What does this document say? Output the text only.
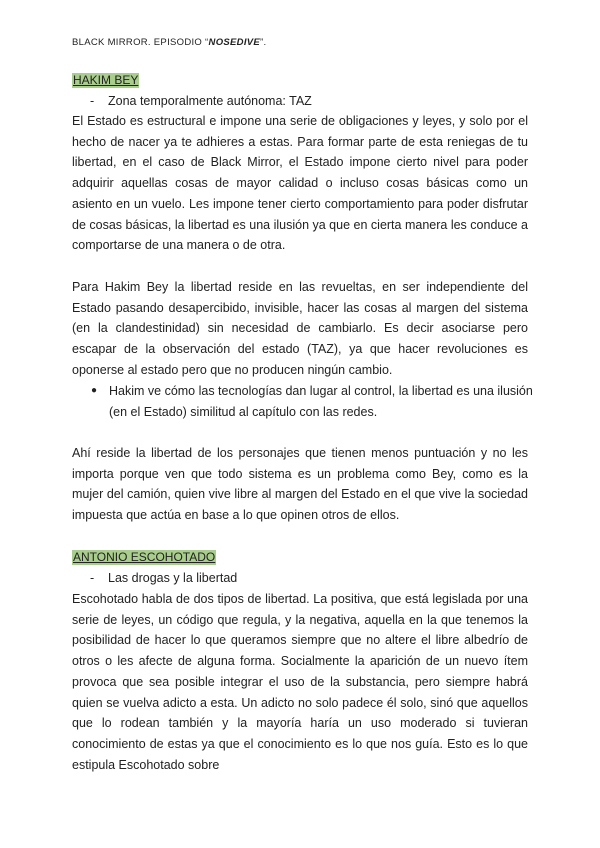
BLACK MIRROR. EPISODIO “NOSEDIVE”.
HAKIM BEY
- Zona temporalmente autónoma: TAZ

El Estado es estructural e impone una serie de obligaciones y leyes, y solo por el hecho de nacer ya te adhieres a estas. Para formar parte de esta reniegas de tu libertad, en el caso de Black Mirror, el Estado impone cierto nivel para poder adquirir aquellas cosas de mayor calidad o incluso cosas básicas como un asiento en un vuelo. Les impone tener cierto comportamiento para poder disfrutar de cosas básicas, la libertad es una ilusión ya que en cierta manera les conduce a comportarse de una manera o de otra.

Para Hakim Bey la libertad reside en las revueltas, en ser independiente del Estado pasando desapercibido, invisible, hacer las cosas al margen del sistema (en la clandestinidad) sin necesidad de cambiarlo. Es decir asociarse pero escapar de la observación del estado (TAZ), ya que hacer revoluciones es oponerse al estado pero que no producen ningún cambio.

● Hakim ve cómo las tecnologías dan lugar al control, la libertad es una ilusión (en el Estado) similitud al capítulo con las redes.

Ahí reside la libertad de los personajes que tienen menos puntuación y no les importa porque ven que todo sistema es un problema como Bey, como es la mujer del camión, quien vive libre al margen del Estado en el que vive la sociedad impuesta que actúa en base a lo que opinen otros de ellos.

ANTONIO ESCOHOTADO
- Las drogas y la libertad

Escohotado habla de dos tipos de libertad. La positiva, que está legislada por una serie de leyes, un código que regula, y la negativa, aquella en la que tenemos la posibilidad de hacer lo que queramos siempre que no altere el libre albedrío de otros o les afecte de alguna forma. Socialmente la aparición de un nuevo ítem provoca que sea posible integrar el uso de la substancia, pero siempre habrá quien se vuelva adicto a esta. Un adicto no solo padece él solo, sinó que aquellos que lo rodean también y la mayoría haría un uso moderado si tuvieran conocimiento de estas ya que el conocimiento es lo que nos guía. Esto es lo que estipula Escohotado sobre
